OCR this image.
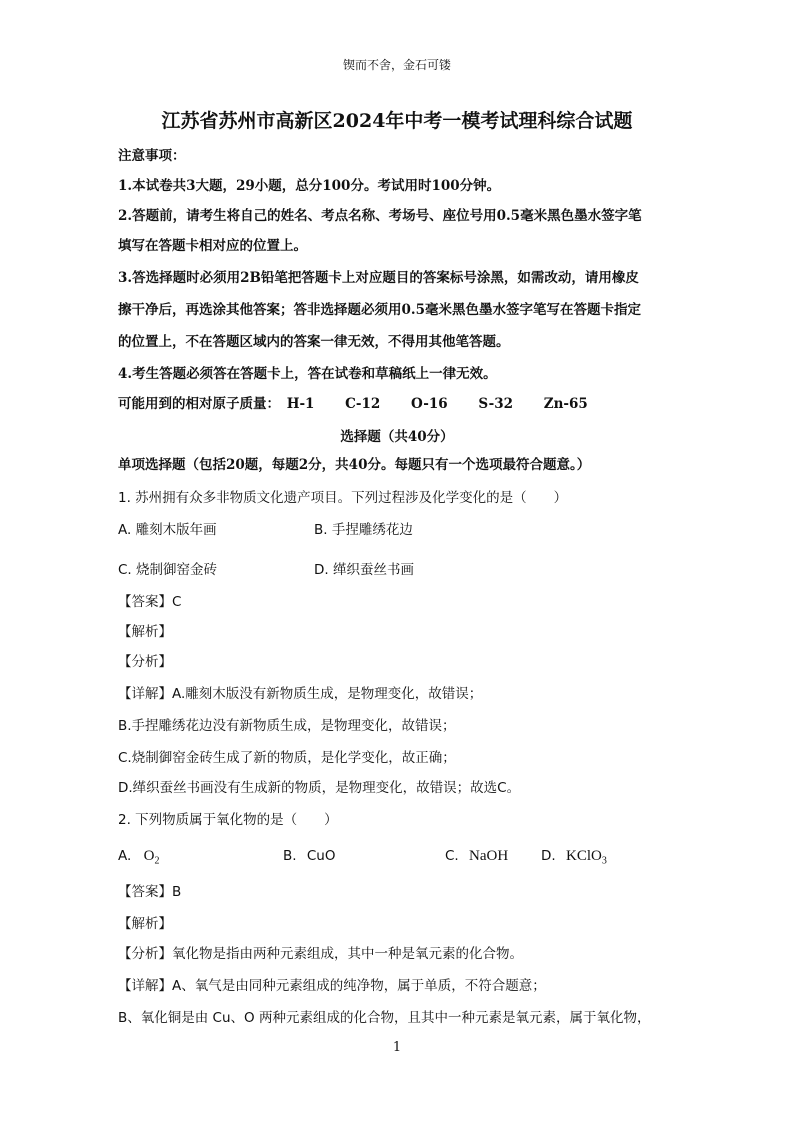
锲而不舍，金石可镂
江苏省苏州市高新区2024年中考一模考试理科综合试题
注意事项：
1.本试卷共3大题，29小题，总分100分。考试用时100分钟。
2.答题前，请考生将自己的姓名、考点名称、考场号、座位号用0.5毫米黑色墨水签字笔
填写在答题卡相对应的位置上。
3.答选择题时必须用2B铅笔把答题卡上对应题目的答案标号涂黑，如需改动，请用橡皮
擦干净后，再选涂其他答案；答非选择题必须用0.5毫米黑色墨水签字笔写在答题卡指定
的位置上，不在答题区域内的答案一律无效，不得用其他笔答题。
4.考生答题必须答在答题卡上，答在试卷和草稿纸上一律无效。
可能用到的相对原子质量： H-1 C-12 O-16 S-32 Zn-65
选择题（共40分）
单项选择题（包括20题，每题2分，共40分。每题只有一个选项最符合题意。）
1. 苏州拥有众多非物质文化遗产项目。下列过程涉及化学变化的是（　　）
A. 雕刻木版年画	B. 手捏雕绣花边
C. 烧制御窑金砖	D. 缂织蚕丝书画
【答案】C
【解析】
【分析】
【详解】A.雕刻木版没有新物质生成，是物理变化，故错误；
B.手捏雕绣花边没有新物质生成，是物理变化，故错误；
C.烧制御窑金砖生成了新的物质，是化学变化，故正确；
D.缂织蚕丝书画没有生成新的物质，是物理变化，故错误；故选C。
2. 下列物质属于氧化物的是（　　）
A. $O_2$	B. CuO	C. NaOH D. KClO$_3$
【答案】B
【解析】
【分析】氧化物是指由两种元素组成，其中一种是氧元素的化合物。
【详解】A、氧气是由同种元素组成的纯净物，属于单质，不符合题意；
B、氧化铜是由 Cu、O 两种元素组成的化合物，且其中一种元素是氧元素，属于氧化物，
1
